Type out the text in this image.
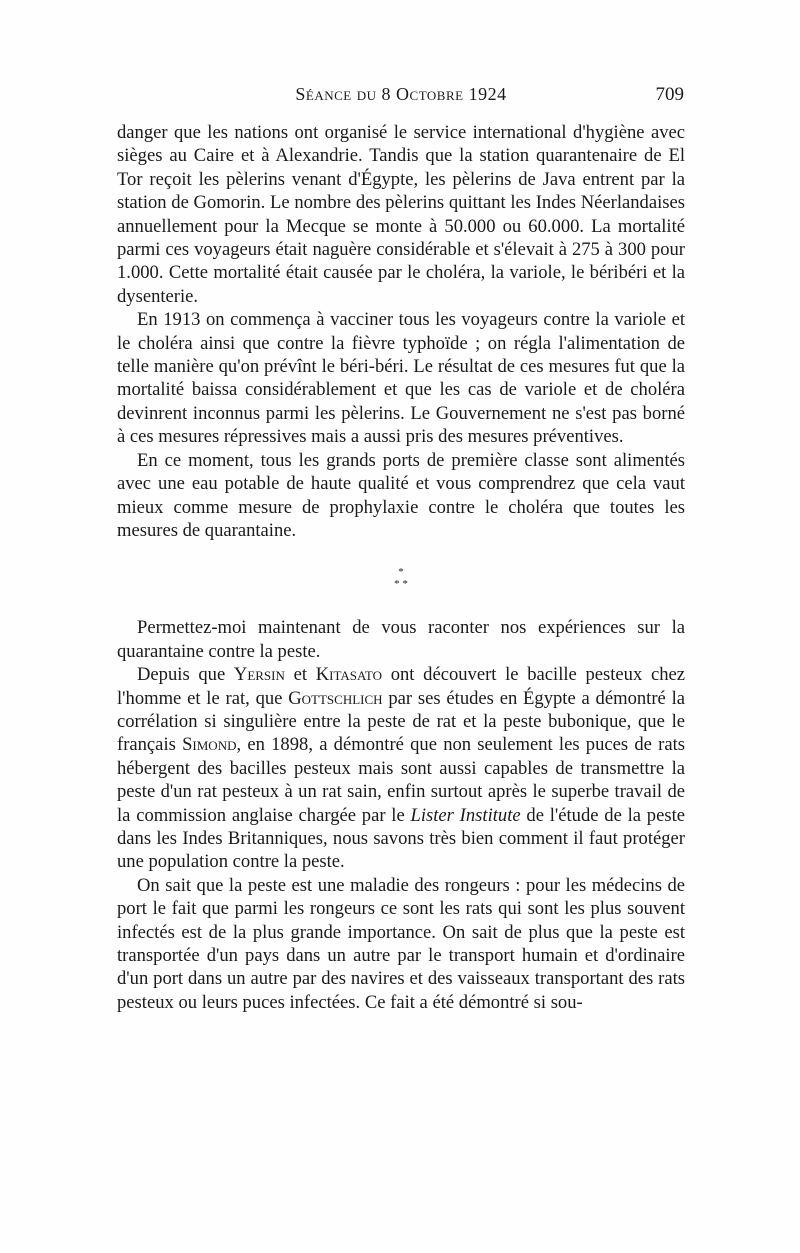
Séance du 8 Octobre 1924	709

danger que les nations ont organisé le service international d'hygiène avec sièges au Caire et à Alexandrie. Tandis que la station quarantenaire de El Tor reçoit les pèlerins venant d'Égypte, les pèlerins de Java entrent par la station de Gomorin. Le nombre des pèlerins quittant les Indes Néerlandaises annuellement pour la Mecque se monte à 50.000 ou 60.000. La mortalité parmi ces voyageurs était naguère considérable et s'élevait à 275 à 300 pour 1.000. Cette mortalité était causée par le choléra, la variole, le béribéri et la dysenterie.

En 1913 on commença à vacciner tous les voyageurs contre la variole et le choléra ainsi que contre la fièvre typhoïde ; on régla l'alimentation de telle manière qu'on prévînt le béri-béri. Le résultat de ces mesures fut que la mortalité baissa considérablement et que les cas de variole et de choléra devinrent inconnus parmi les pèlerins. Le Gouvernement ne s'est pas borné à ces mesures répressives mais a aussi pris des mesures préventives.

En ce moment, tous les grands ports de première classe sont alimentés avec une eau potable de haute qualité et vous comprendrez que cela vaut mieux comme mesure de prophylaxie contre le choléra que toutes les mesures de quarantaine.

*
* *

Permettez-moi maintenant de vous raconter nos expériences sur la quarantaine contre la peste.

Depuis que Yersin et Kitasato ont découvert le bacille pesteux chez l'homme et le rat, que Gottschlich par ses études en Égypte a démontré la corrélation si singulière entre la peste de rat et la peste bubonique, que le français Simond, en 1898, a démontré que non seulement les puces de rats hébergent des bacilles pesteux mais sont aussi capables de transmettre la peste d'un rat pesteux à un rat sain, enfin surtout après le superbe travail de la commission anglaise chargée par le Lister Institute de l'étude de la peste dans les Indes Britanniques, nous savons très bien comment il faut protéger une population contre la peste.

On sait que la peste est une maladie des rongeurs : pour les médecins de port le fait que parmi les rongeurs ce sont les rats qui sont les plus souvent infectés est de la plus grande importance. On sait de plus que la peste est transportée d'un pays dans un autre par le transport humain et d'ordinaire d'un port dans un autre par des navires et des vaisseaux transportant des rats pesteux ou leurs puces infectées. Ce fait a été démontré si sou-
